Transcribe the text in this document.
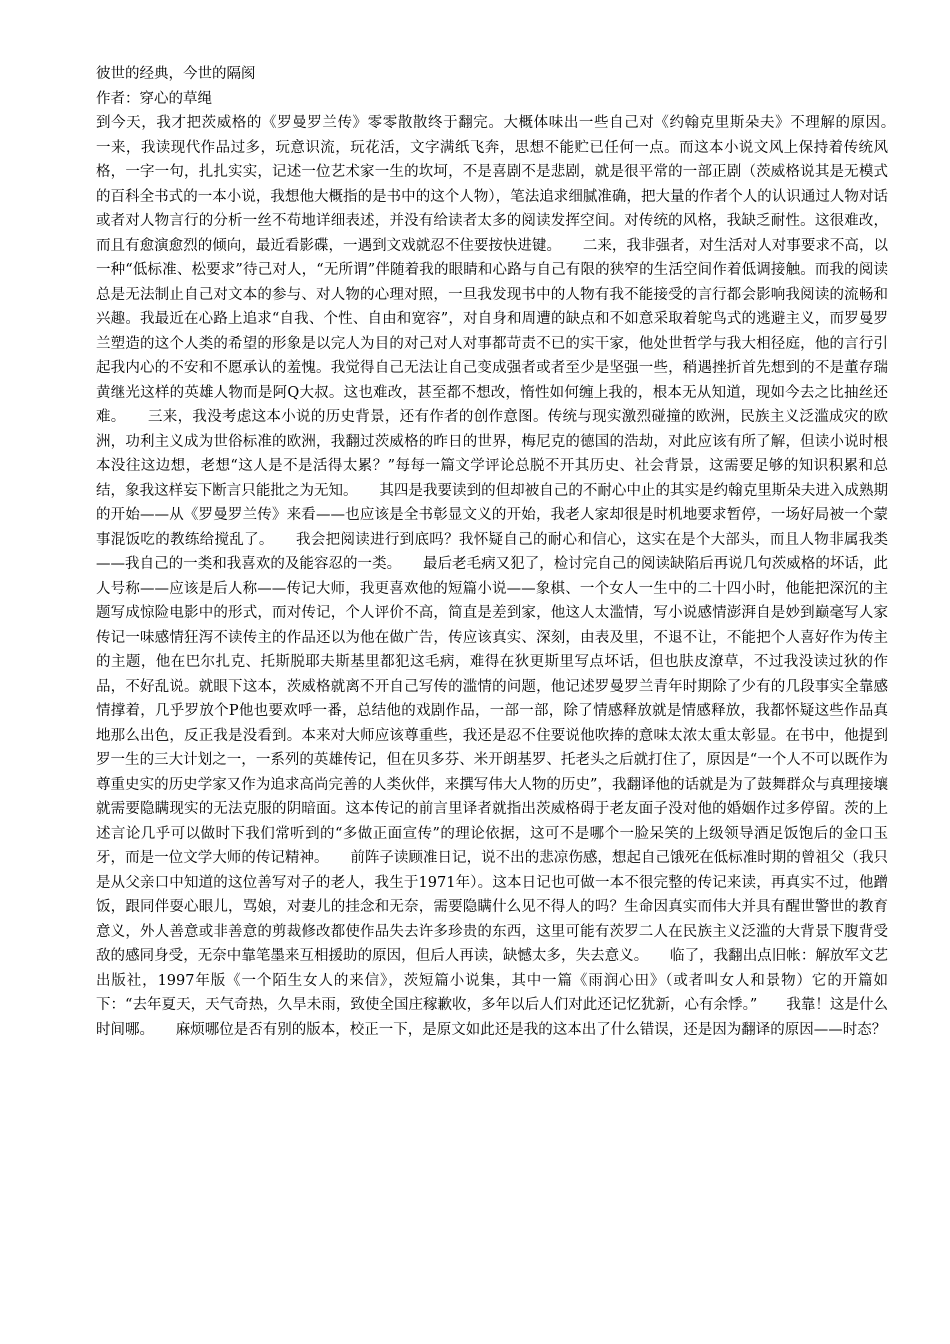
彼世的经典，今世的隔阂

作者：穿心的草绳

到今天，我才把茨威格的《罗曼罗兰传》零零散散终于翻完。大概体味出一些自己对《约翰克里斯朵夫》不理解的原因。　　一来，我读现代作品过多，玩意识流，玩花活，文字满纸飞奔，思想不能贮已任何一点。而这本小说文风上保持着传统风格，一字一句，扎扎实实，记述一位艺术家一生的坎坷，不是喜剧不是悲剧，就是很平常的一部正剧（茨威格说其是无模式的百科全书式的一本小说，我想他大概指的是书中的这个人物），笔法追求细腻准确，把大量的作者个人的认识通过人物对话或者对人物言行的分析一丝不苟地详细表述，并没有给读者太多的阅读发挥空间。对传统的风格，我缺乏耐性。这很难改，而且有愈演愈烈的倾向，最近看影碟，一遇到文戏就忍不住要按快进键。　　二来，我非强者，对生活对人对事要求不高，以一种“低标准、松要求”待己对人，“无所谓”伴随着我的眼睛和心路与自己有限的狭窄的生活空间作着低调接触。而我的阅读总是无法制止自己对文本的参与、对人物的心理对照，一旦我发现书中的人物有我不能接受的言行都会影响我阅读的流畅和兴趣。我最近在心路上追求“自我、个性、自由和宽容”，对自身和周遭的缺点和不如意采取着鸵鸟式的逃避主义，而罗曼罗兰塑造的这个人类的希望的形象是以完人为目的对己对人对事都苛责不已的实干家，他处世哲学与我大相径庭，他的言行引起我内心的不安和不愿承认的羞愧。我觉得自己无法让自己变成强者或者至少是坚强一些，稍遇挫折首先想到的不是董存瑞黄继光这样的英雄人物而是阿Q大叔。这也难改，甚至都不想改，惰性如何缠上我的，根本无从知道，现如今去之比抽丝还难。　　三来，我没考虑这本小说的历史背景，还有作者的创作意图。传统与现实激烈碰撞的欧洲，民族主义泛滥成灾的欧洲，功利主义成为世俗标准的欧洲，我翻过茨威格的昨日的世界，梅尼克的德国的浩劫，对此应该有所了解，但读小说时根本没往这边想，老想“这人是不是活得太累？”每每一篇文学评论总脱不开其历史、社会背景，这需要足够的知识积累和总结，象我这样妄下断言只能批之为无知。　　其四是我要读到的但却被自己的不耐心中止的其实是约翰克里斯朵夫进入成熟期的开始——从《罗曼罗兰传》来看——也应该是全书彰显文义的开始，我老人家却很是时机地要求暂停，一场好局被一个蒙事混饭吃的教练给搅乱了。　　我会把阅读进行到底吗？我怀疑自己的耐心和信心，这实在是个大部头，而且人物非属我类——我自己的一类和我喜欢的及能容忍的一类。　　最后老毛病又犯了，检讨完自己的阅读缺陷后再说几句茨威格的坏话，此人号称——应该是后人称——传记大师，我更喜欢他的短篇小说——象棋、一个女人一生中的二十四小时，他能把深沉的主题写成惊险电影中的形式，而对传记，个人评价不高，简直是差到家，他这人太滥情，写小说感情澎湃自是妙到巅毫写人家传记一味感情狂泻不读传主的作品还以为他在做广告，传应该真实、深刻，由表及里，不退不让，不能把个人喜好作为传主的主题，他在巴尔扎克、托斯脱耶夫斯基里都犯这毛病，难得在狄更斯里写点坏话，但也肤皮潦草，不过我没读过狄的作品，不好乱说。就眼下这本，茨威格就离不开自己写传的滥情的问题，他记述罗曼罗兰青年时期除了少有的几段事实全靠感情撑着，几乎罗放个P他也要欢呼一番，总结他的戏剧作品，一部一部，除了情感释放就是情感释放，我都怀疑这些作品真地那么出色，反正我是没看到。本来对大师应该尊重些，我还是忍不住要说他吹捧的意味太浓太重太彰显。在书中，他提到罗一生的三大计划之一，一系列的英雄传记，但在贝多芬、米开朗基罗、托老头之后就打住了，原因是“一个人不可以既作为尊重史实的历史学家又作为追求高尚完善的人类伙伴，来撰写伟大人物的历史”，我翻译他的话就是为了鼓舞群众与真理接壤就需要隐瞒现实的无法克服的阴暗面。这本传记的前言里译者就指出茨威格碍于老友面子没对他的婚姻作过多停留。茨的上述言论几乎可以做时下我们常听到的“多做正面宣传”的理论依据，这可不是哪个一脸呆笑的上级领导酒足饭饱后的金口玉牙，而是一位文学大师的传记精神。　　前阵子读顾准日记，说不出的悲凉伤感，想起自己饿死在低标准时期的曾祖父（我只是从父亲口中知道的这位善写对子的老人，我生于1971年）。这本日记也可做一本不很完整的传记来读，再真实不过，他蹭饭，跟同伴耍心眼儿，骂娘，对妻儿的挂念和无奈，需要隐瞒什么见不得人的吗？生命因真实而伟大并具有醒世警世的教育意义，外人善意或非善意的剪裁修改都使作品失去许多珍贵的东西，这里可能有茨罗二人在民族主义泛滥的大背景下腹背受敌的感同身受，无奈中靠笔墨来互相援助的原因，但后人再读，缺憾太多，失去意义。　　临了，我翻出点旧帐：解放军文艺出版社，1997年版《一个陌生女人的来信》，茨短篇小说集，其中一篇《雨润心田》（或者叫女人和景物）它的开篇如下：“去年夏天，天气奇热，久旱未雨，致使全国庄稼歉收，多年以后人们对此还记忆犹新，心有余悸。”　　我靠！这是什么时间哪。　　麻烦哪位是否有别的版本，校正一下，是原文如此还是我的这本出了什么错误，还是因为翻译的原因——时态？
